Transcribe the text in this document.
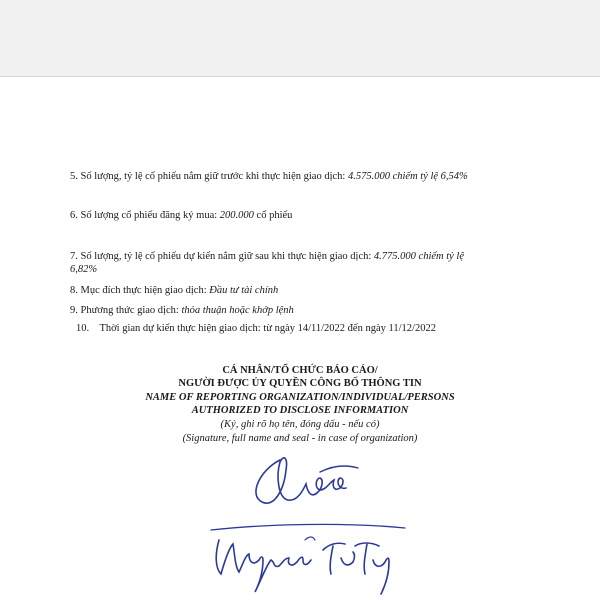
5. Số lượng, tỷ lệ cổ phiếu nắm giữ trước khi thực hiện giao dịch: 4.575.000 chiếm tỷ lệ 6,54%
6. Số lượng cổ phiếu đăng ký mua: 200.000 cổ phiếu
7. Số lượng, tỷ lệ cổ phiếu dự kiến nắm giữ sau khi thực hiện giao dịch: 4.775.000 chiếm tỷ lệ
6,82%
8. Mục đích thực hiện giao dịch: Đầu tư tài chính
9. Phương thức giao dịch: thỏa thuận hoặc khớp lệnh
10. Thời gian dự kiến thực hiện giao dịch: từ ngày 14/11/2022 đến ngày 11/12/2022
CÁ NHÂN/TỔ CHỨC BÁO CÁO/
NGƯỜI ĐƯỢC ỦY QUYỀN CÔNG BỐ THÔNG TIN
NAME OF REPORTING ORGANIZATION/INDIVIDUAL/PERSONS
AUTHORIZED TO DISCLOSE INFORMATION
(Ký, ghi rõ họ tên, đóng dấu - nếu có)
(Signature, full name and seal - in case of organization)
